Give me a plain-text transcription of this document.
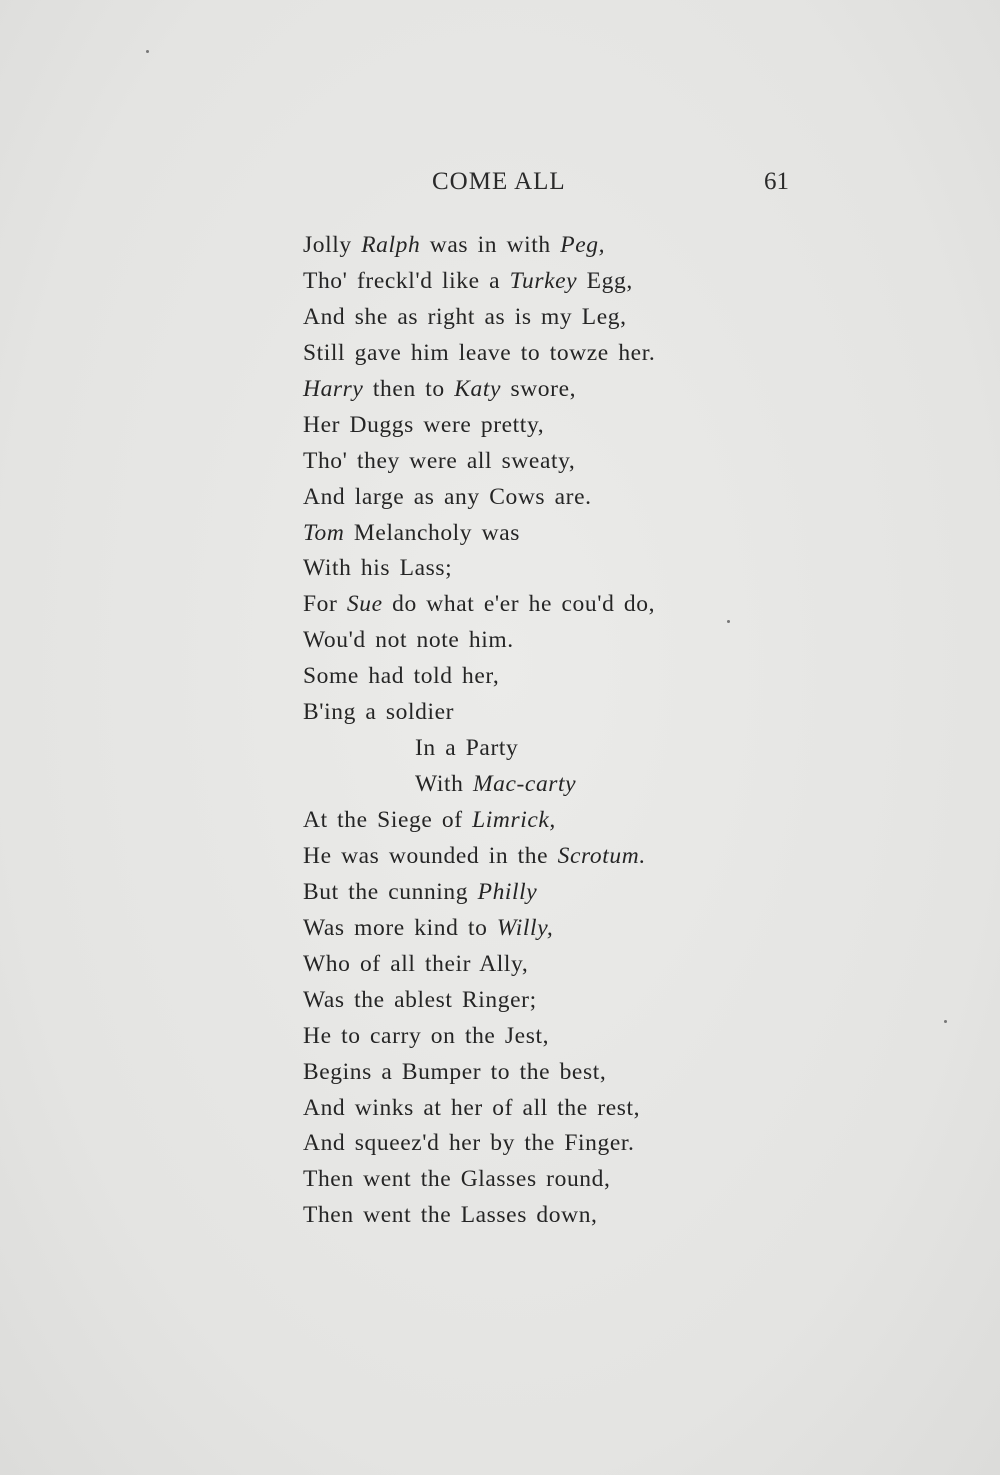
COME ALL	61
Jolly Ralph was in with Peg,
Tho' freckl'd like a Turkey Egg,
And she as right as is my Leg,
Still gave him leave to towze her.
Harry then to Katy swore,
Her Duggs were pretty,
Tho' they were all sweaty,
And large as any Cows are.
Tom Melancholy was
With his Lass;
For Sue do what e'er he cou'd do,
Wou'd not note him.
Some had told her,
B'ing a soldier
In a Party
With Mac-carty
At the Siege of Limrick,
He was wounded in the Scrotum.
But the cunning Philly
Was more kind to Willy,
Who of all their Ally,
Was the ablest Ringer;
He to carry on the Jest,
Begins a Bumper to the best,
And winks at her of all the rest,
And squeez'd her by the Finger.
Then went the Glasses round,
Then went the Lasses down,
